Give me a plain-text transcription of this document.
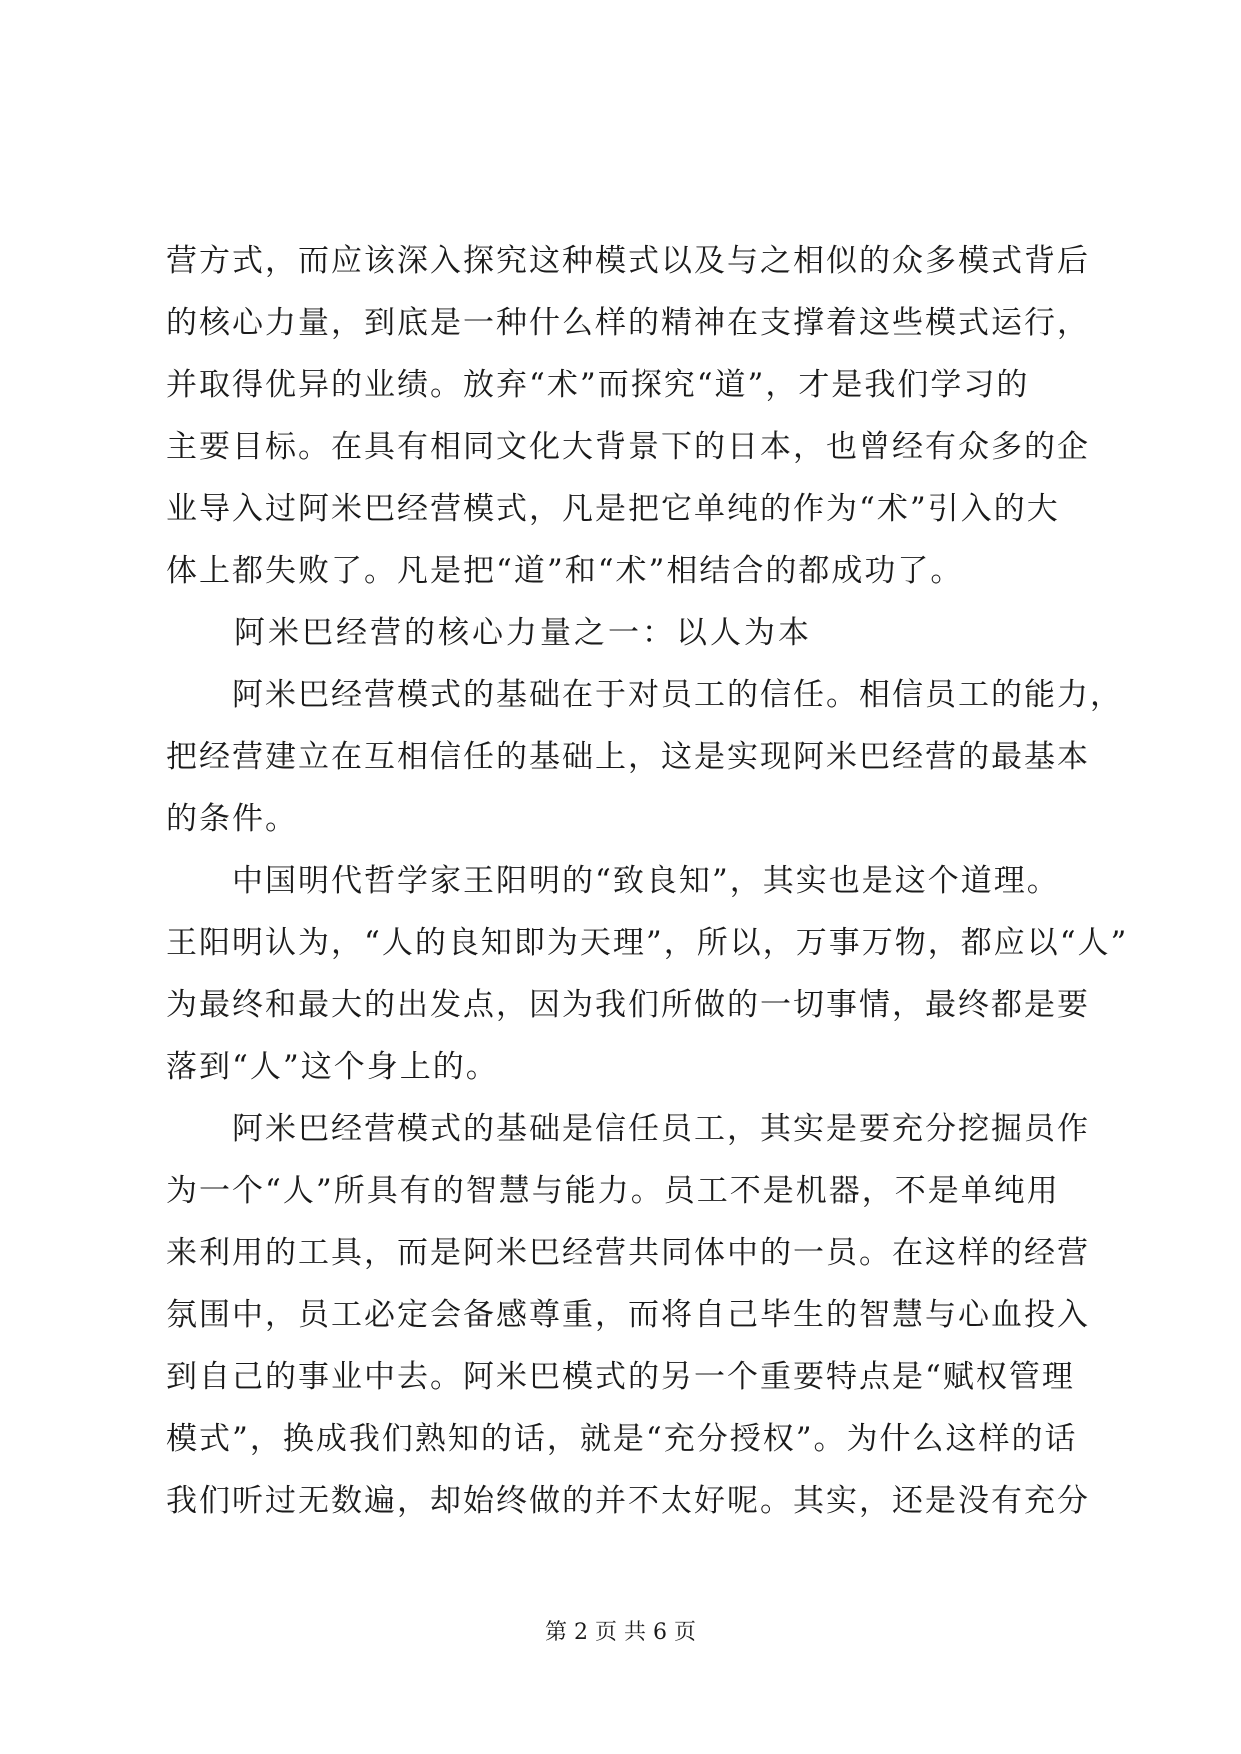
营方式，而应该深入探究这种模式以及与之相似的众多模式背后
的核心力量，到底是一种什么样的精神在支撑着这些模式运行，
并取得优异的业绩。放弃“术”而探究“道”，才是我们学习的
主要目标。在具有相同文化大背景下的日本，也曾经有众多的企
业导入过阿米巴经营模式，凡是把它单纯的作为“术”引入的大
体上都失败了。凡是把“道”和“术”相结合的都成功了。
　　阿米巴经营的核心力量之一：以人为本
　　阿米巴经营模式的基础在于对员工的信任。相信员工的能力，
把经营建立在互相信任的基础上，这是实现阿米巴经营的最基本
的条件。
　　中国明代哲学家王阳明的“致良知”，其实也是这个道理。
王阳明认为，“人的良知即为天理”，所以，万事万物，都应以“人”
为最终和最大的出发点，因为我们所做的一切事情，最终都是要
落到“人”这个身上的。
　　阿米巴经营模式的基础是信任员工，其实是要充分挖掘员作
为一个“人”所具有的智慧与能力。员工不是机器，不是单纯用
来利用的工具，而是阿米巴经营共同体中的一员。在这样的经营
氛围中，员工必定会备感尊重，而将自己毕生的智慧与心血投入
到自己的事业中去。阿米巴模式的另一个重要特点是“赋权管理
模式”，换成我们熟知的话，就是“充分授权”。为什么这样的话
我们听过无数遍，却始终做的并不太好呢。其实，还是没有充分
第 2 页 共 6 页
